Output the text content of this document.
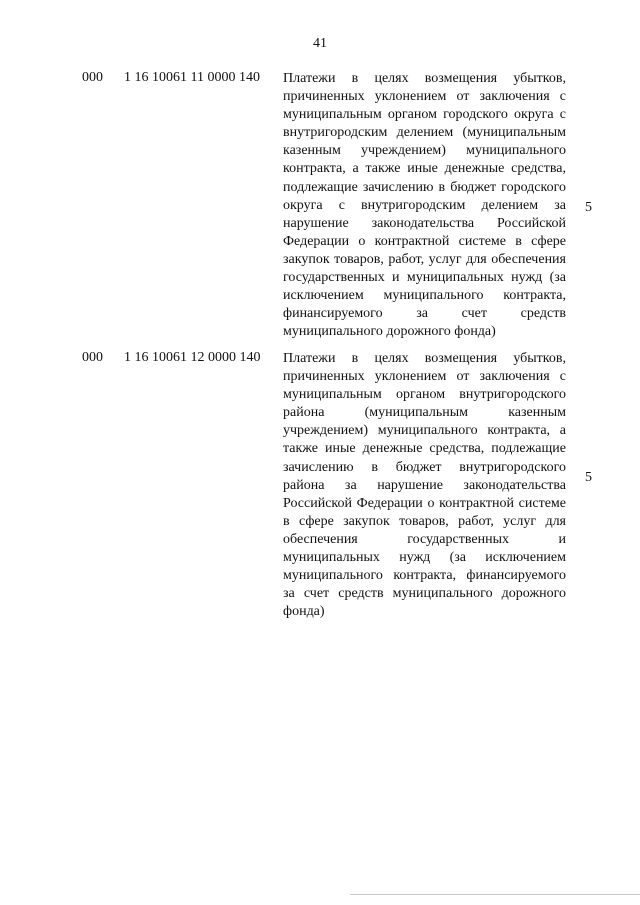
41
000 1 16 10061 11 0000 140 Платежи в целях возмещения убытков, причиненных уклонением от заключения с муниципальным органом городского округа с внутригородским делением (муниципальным казенным учреждением) муниципального контракта, а также иные денежные средства, подлежащие зачислению в бюджет городского округа с внутригородским делением за нарушение законодательства Российской Федерации о контрактной системе в сфере закупок товаров, работ, услуг для обеспечения государственных и муниципальных нужд (за исключением муниципального контракта, финансируемого за счет средств муниципального дорожного фонда)
5
000 1 16 10061 12 0000 140 Платежи в целях возмещения убытков, причиненных уклонением от заключения с муниципальным органом внутригородского района (муниципальным казенным учреждением) муниципального контракта, а также иные денежные средства, подлежащие зачислению в бюджет внутригородского района за нарушение законодательства Российской Федерации о контрактной системе в сфере закупок товаров, работ, услуг для обеспечения государственных и муниципальных нужд (за исключением муниципального контракта, финансируемого за счет средств муниципального дорожного фонда)
5
